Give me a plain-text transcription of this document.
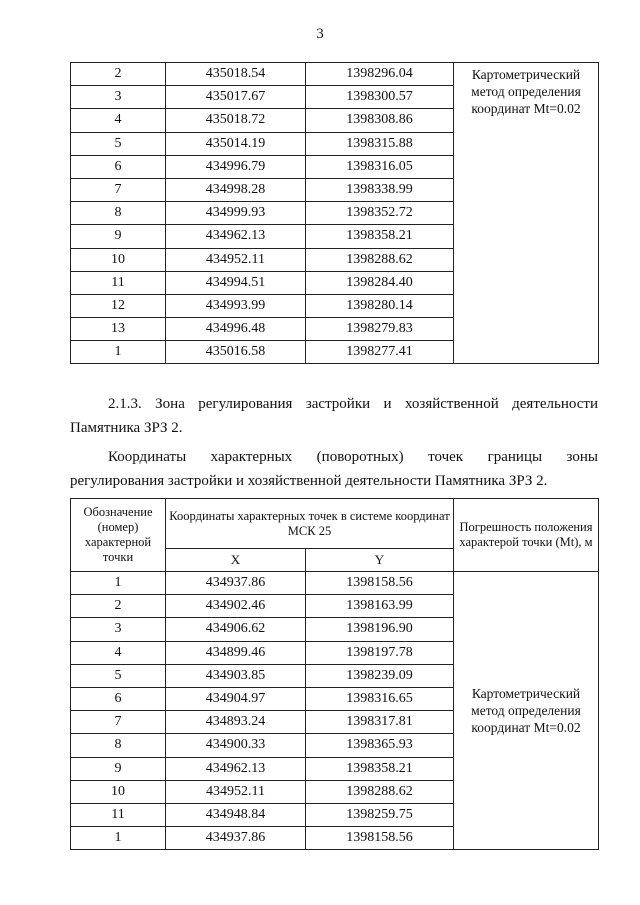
3
2	435018.54	1398296.04	Картометрический метод определения координат Mt=0.02
3	435017.67	1398300.57	
4	435018.72	1398308.86	
5	435014.19	1398315.88	
6	434996.79	1398316.05	
7	434998.28	1398338.99	
8	434999.93	1398352.72	
9	434962.13	1398358.21	
10	434952.11	1398288.62	
11	434994.51	1398284.40	
12	434993.99	1398280.14	
13	434996.48	1398279.83	
1	435016.58	1398277.41	

2.1.3. Зона регулирования застройки и хозяйственной деятельности
Памятника ЗРЗ 2.

Координаты характерных (поворотных) точек границы зоны
регулирования застройки и хозяйственной деятельности Памятника ЗРЗ 2.

Обозначение (номер) характерной точки	Координаты характерных точек в системе координат МСК 25		Погрешность положения характерой точки (Mt), м
	X	Y	
1	434937.86	1398158.56	Картометрический метод определения координат Mt=0.02
2	434902.46	1398163.99	
3	434906.62	1398196.90	
4	434899.46	1398197.78	
5	434903.85	1398239.09	
6	434904.97	1398316.65	
7	434893.24	1398317.81	
8	434900.33	1398365.93	
9	434962.13	1398358.21	
10	434952.11	1398288.62	
11	434948.84	1398259.75	
1	434937.86	1398158.56	
